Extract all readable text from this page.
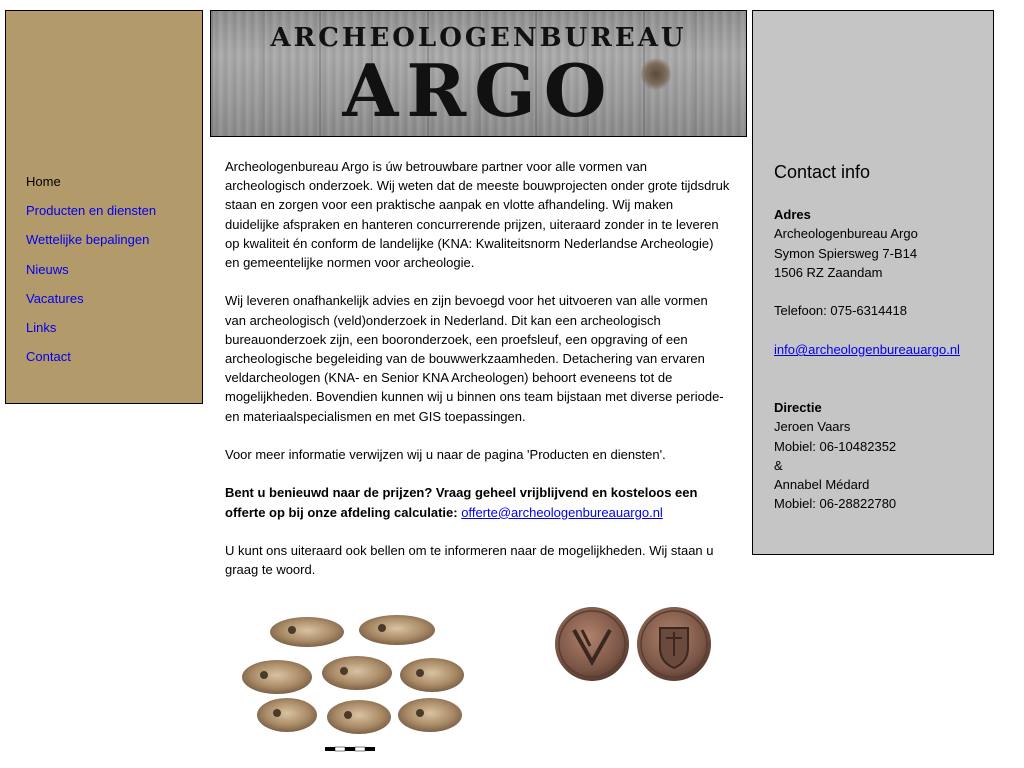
Home
Producten en diensten
Wettelijke bepalingen
Nieuws
Vacatures
Links
Contact
ARCHEOLOGENBUREAU
ARGO

Archeologenbureau Argo is úw betrouwbare partner voor alle vormen van archeologisch onderzoek. Wij weten dat de meeste bouwprojecten onder grote tijdsdruk staan en zorgen voor een praktische aanpak en vlotte afhandeling. Wij maken duidelijke afspraken en hanteren concurrerende prijzen, uiteraard zonder in te leveren op kwaliteit én conform de landelijke (KNA: Kwaliteitsnorm Nederlandse Archeologie) en gemeentelijke normen voor archeologie.

Wij leveren onafhankelijk advies en zijn bevoegd voor het uitvoeren van alle vormen van archeologisch (veld)onderzoek in Nederland. Dit kan een archeologisch bureauonderzoek zijn, een booronderzoek, een proefsleuf, een opgraving of een archeologische begeleiding van de bouwwerkzaamheden. Detachering van ervaren veldarcheologen (KNA- en Senior KNA Archeologen) behoort eveneens tot de mogelijkheden. Bovendien kunnen wij u binnen ons team bijstaan met diverse periode- en materiaalspecialismen en met GIS toepassingen.

Voor meer informatie verwijzen wij u naar de pagina 'Producten en diensten'.

Bent u benieuwd naar de prijzen? Vraag geheel vrijblijvend en kosteloos een offerte op bij onze afdeling calculatie: offerte@archeologenbureauargo.nl

U kunt ons uiteraard ook bellen om te informeren naar de mogelijkheden. Wij staan u graag te woord.

Contact info
Adres
Archeologenbureau Argo
Symon Spiersweg 7-B14
1506 RZ Zaandam
Telefoon: 075-6314418
info@archeologenbureauargo.nl
Directie
Jeroen Vaars
Mobiel: 06-10482352
&
Annabel Médard
Mobiel: 06-28822780
